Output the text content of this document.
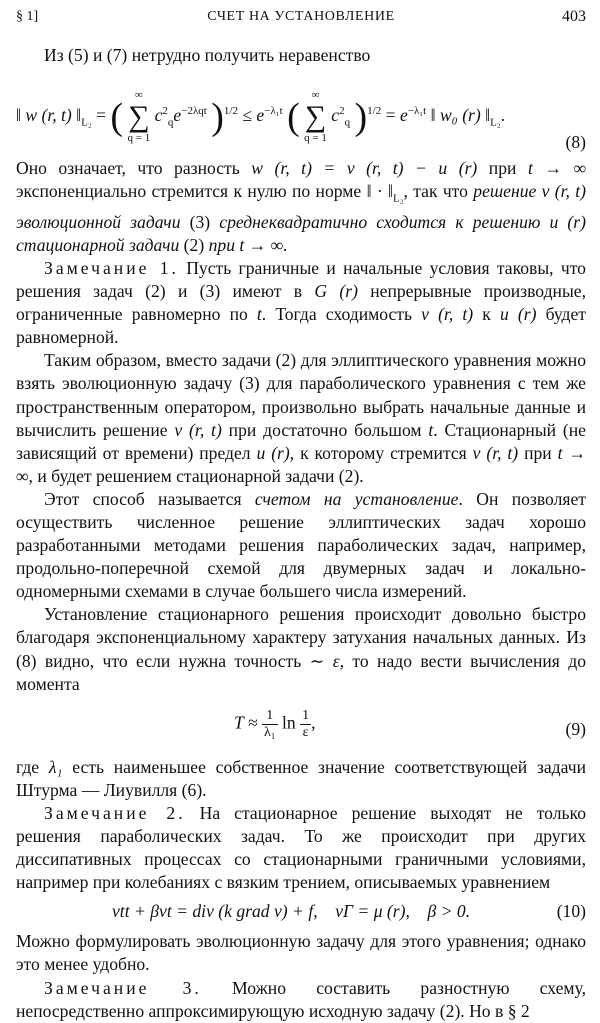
§ 1]	СЧЕТ НА УСТАНОВЛЕНИЕ	403

Из (5) и (7) нетрудно получить неравенство

‖ w (r, t) $‖_{L_2}$ = ( ∞
∑
q = 1 $c^2_qe^{-2\lambda qt}$ )$^{1/2} \le e^{-\lambda_1t}$ ( ∞
∑
q = 1 $c^2_q$ )$^{1/2} = e^{-\lambda_1t}$ ‖ w₀ (r) $‖_{L_2}$.
(8)

Оно означает, что разность w (r, t) = v (r, t) − u (r) при t → ∞ экспоненциально стремится к нулю по норме ‖ · $‖_{L_2}$, так что решение v (r, t) эволюционной задачи (3) среднеквадратично сходится к решению u (r) стационарной задачи (2) при t → ∞.

Замечание 1. Пусть граничные и начальные условия таковы, что решения задач (2) и (3) имеют в G (r) непрерывные производные, ограниченные равномерно по t. Тогда сходимость v (r, t) к u (r) будет равномерной.

Таким образом, вместо задачи (2) для эллиптического уравнения можно взять эволюционную задачу (3) для параболического уравнения с тем же пространственным оператором, произвольно выбрать начальные данные и вычислить решение v (r, t) при достаточно большом t. Стационарный (не зависящий от времени) предел u (r), к которому стремится v (r, t) при t → ∞, и будет решением стационарной задачи (2).

Этот способ называется счетом на установление. Он позволяет осуществить численное решение эллиптических задач хорошо разработанными методами решения параболических задач, например, продольно-поперечной схемой для двумерных задач и локально-одномерными схемами в случае большего числа измерений.

Установление стационарного решения происходит довольно быстро благодаря экспоненциальному характеру затухания начальных данных. Из (8) видно, что если нужна точность ∼ ε, то надо вести вычисления до момента

$T \approx \frac{1}{\text{λ₁}}$ $\ln \frac{1}{\varepsilon}$ ,	(9)

где λ₁ есть наименьшее собственное значение соответствующей задачи Штурма — Лиувилля (6).

Замечание 2. На стационарное решение выходят не только решения параболических задач. То же происходит при других диссипативных процессах со стационарными граничными условиями, например при колебаниях с вязким трением, описываемых уравнением

vtt + βvt = div (k grad v) + f, vΓ = μ (r), β > 0.	(10)

Можно формулировать эволюционную задачу для этого уравнения; однако это менее удобно.

Замечание 3. Можно составить разностную схему, непосредственно аппроксимирующую исходную задачу (2). Но в § 2
